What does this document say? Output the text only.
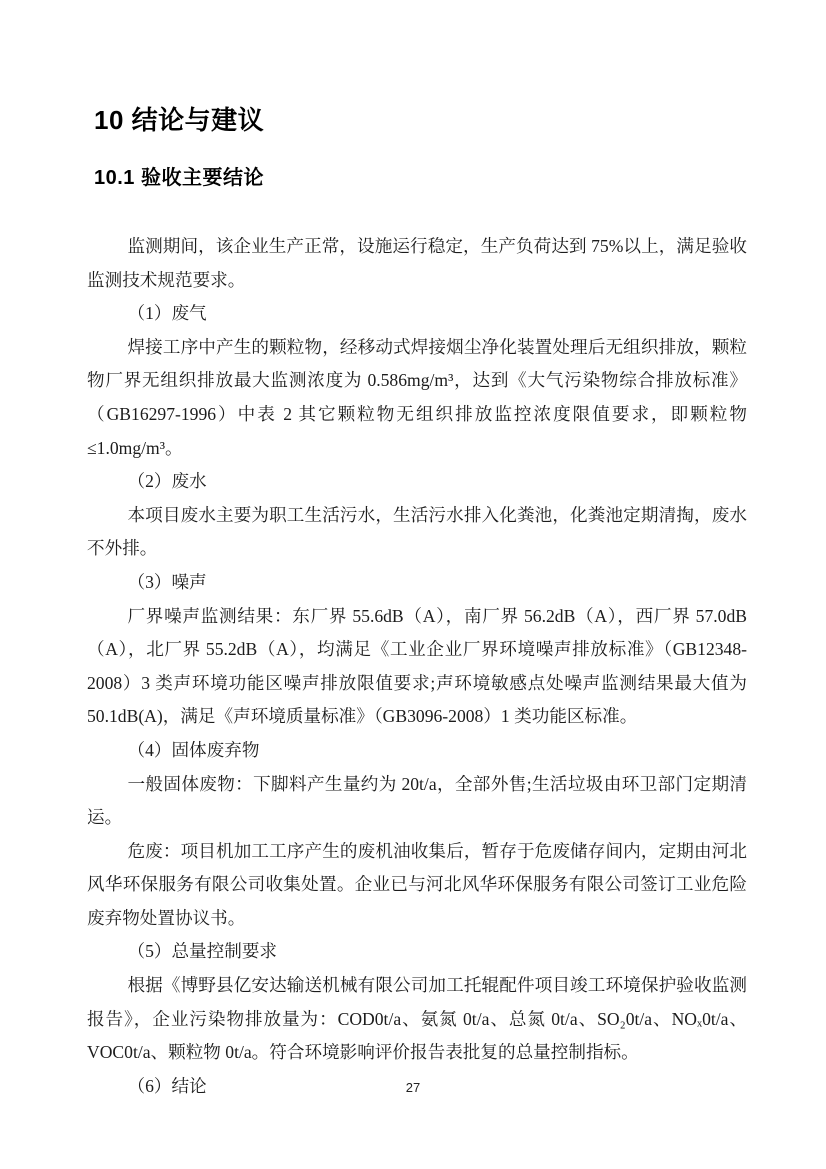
10 结论与建议
10.1 验收主要结论

监测期间，该企业生产正常，设施运行稳定，生产负荷达到 75%以上，满足验收监测技术规范要求。

（1）废气

焊接工序中产生的颗粒物，经移动式焊接烟尘净化装置处理后无组织排放，颗粒物厂界无组织排放最大监测浓度为 0.586mg/m³，达到《大气污染物综合排放标准》（GB16297-1996）中表 2 其它颗粒物无组织排放监控浓度限值要求，即颗粒物≤1.0mg/m³。

（2）废水

本项目废水主要为职工生活污水，生活污水排入化粪池，化粪池定期清掏，废水不外排。

（3）噪声

厂界噪声监测结果：东厂界 55.6dB（A），南厂界 56.2dB（A），西厂界 57.0dB（A），北厂界 55.2dB（A），均满足《工业企业厂界环境噪声排放标准》（GB12348-2008）3 类声环境功能区噪声排放限值要求;声环境敏感点处噪声监测结果最大值为 50.1dB(A)，满足《声环境质量标准》（GB3096-2008）1 类功能区标准。

（4）固体废弃物

一般固体废物：下脚料产生量约为 20t/a，全部外售;生活垃圾由环卫部门定期清运。

危废：项目机加工工序产生的废机油收集后，暂存于危废储存间内，定期由河北风华环保服务有限公司收集处置。企业已与河北风华环保服务有限公司签订工业危险废弃物处置协议书。

（5）总量控制要求

根据《博野县亿安达输送机械有限公司加工托辊配件项目竣工环境保护验收监测报告》，企业污染物排放量为：COD0t/a、氨氮 0t/a、总氮 0t/a、SO₂0t/a、NOₓ0t/a、VOC0t/a、颗粒物 0t/a。符合环境影响评价报告表批复的总量控制指标。

（6）结论	27
